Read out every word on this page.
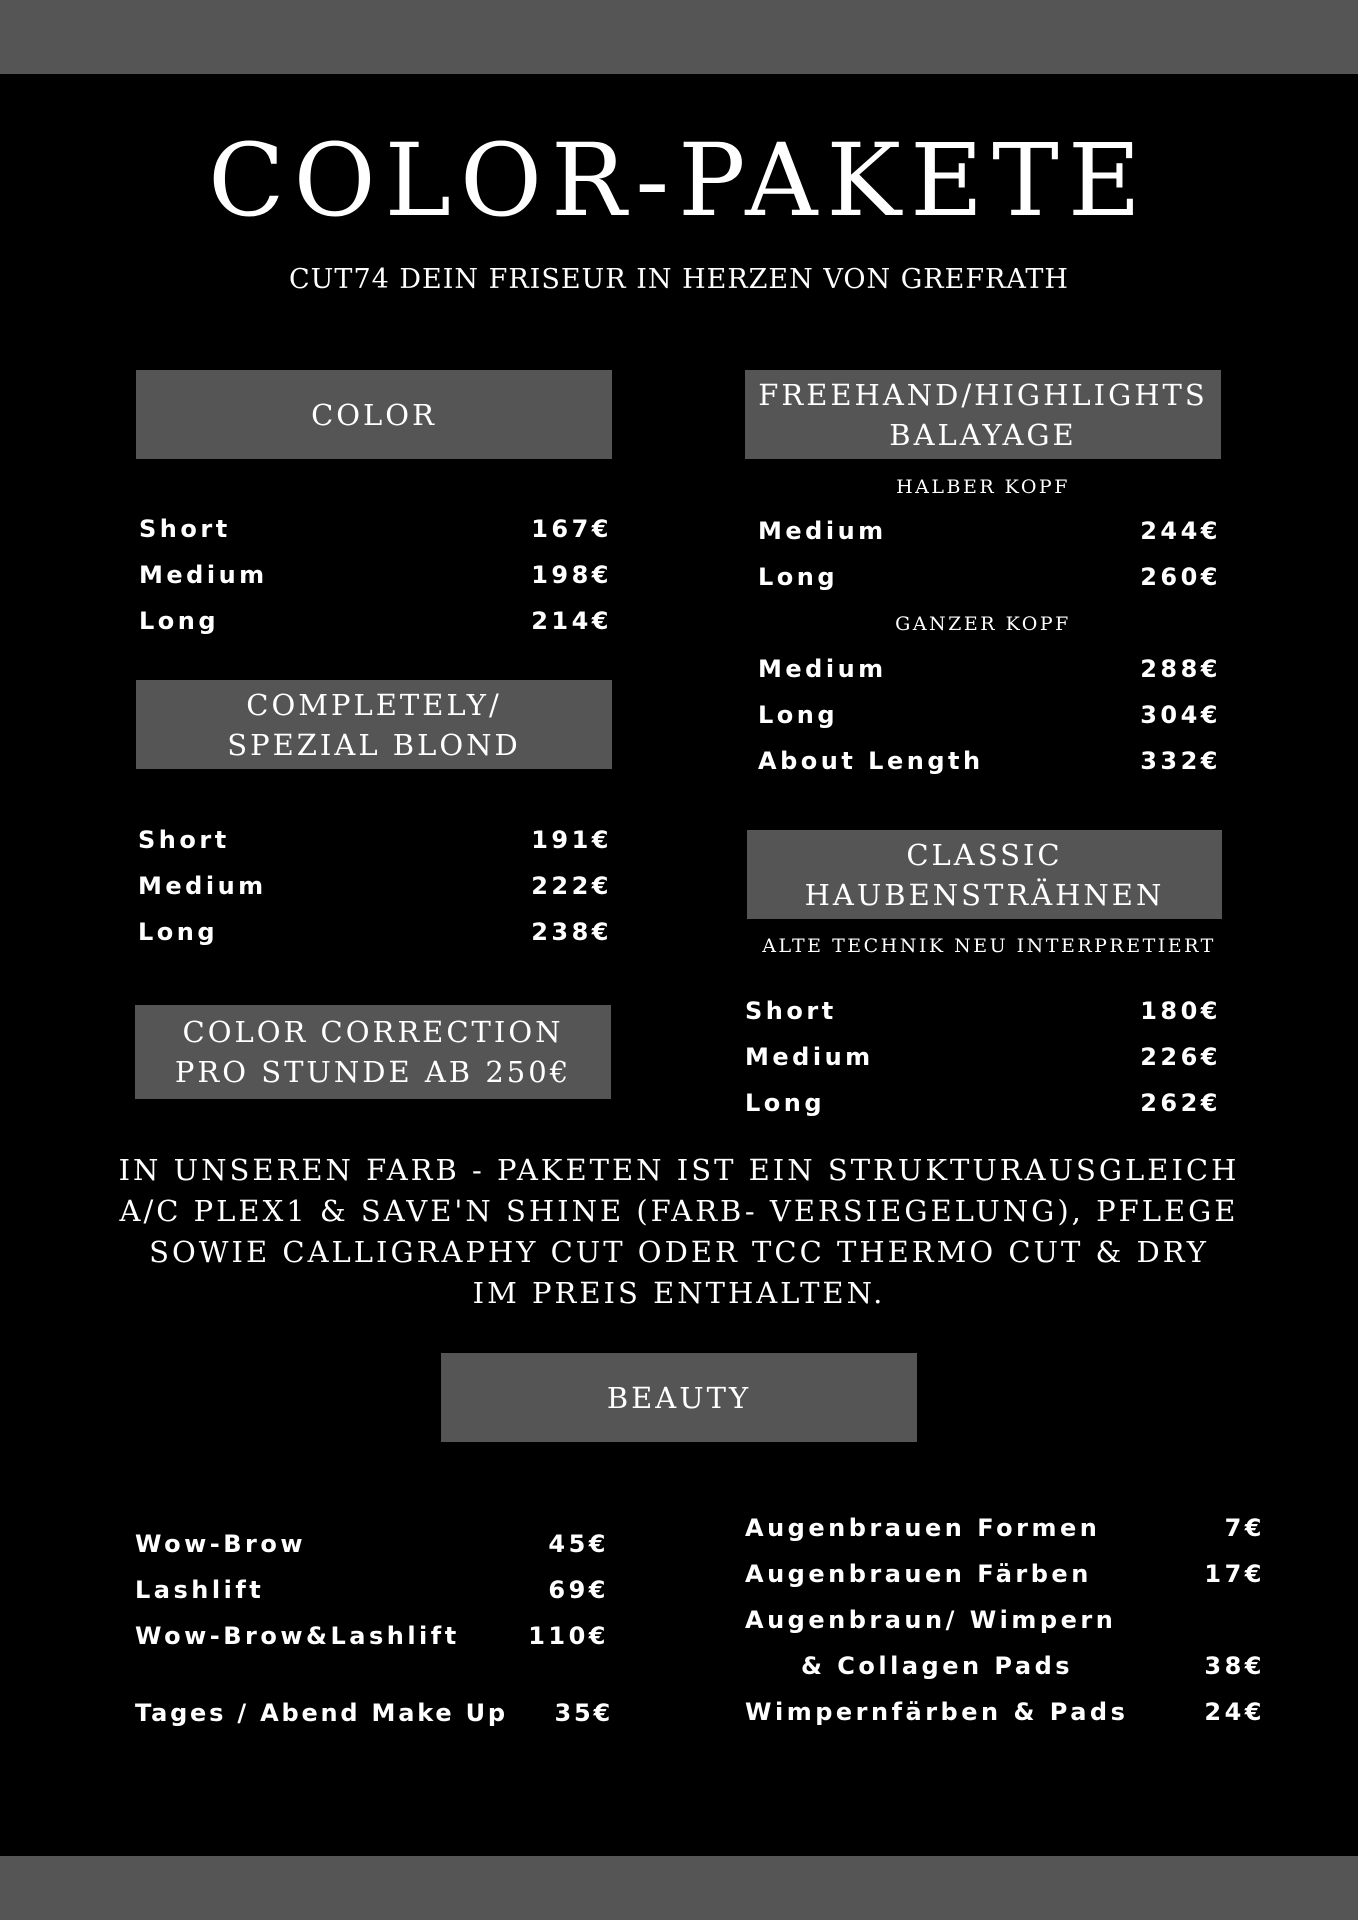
COLOR-PAKETE
CUT74 DEIN FRISEUR IN HERZEN VON GREFRATH
COLOR
Short	167€
Medium	198€
Long	214€
COMPLETELY/
SPEZIAL BLOND
Short	191€
Medium	222€
Long	238€
COLOR CORRECTION
PRO STUNDE AB 250€
FREEHAND/HIGHLIGHTS
BALAYAGE
HALBER KOPF
Medium	244€
Long	260€
GANZER KOPF
Medium	288€
Long	304€
About Length	332€
CLASSIC
HAUBENSTRÄHNEN
ALTE TECHNIK NEU INTERPRETIERT
Short	180€
Medium	226€
Long	262€
IN UNSEREN FARB - PAKETEN IST EIN STRUKTURAUSGLEICH
A/C PLEX1 & SAVE'N SHINE (FARB- VERSIEGELUNG), PFLEGE
SOWIE CALLIGRAPHY CUT ODER TCC THERMO CUT & DRY
IM PREIS ENTHALTEN.
BEAUTY
Wow-Brow	45€
Lashlift	69€
Wow-Brow&Lashlift	110€
Tages / Abend Make Up 35€
Augenbrauen Formen	7€
Augenbrauen Färben	17€
Augenbraun/ Wimpern
& Collagen Pads	38€
Wimpernfärben & Pads	24€
